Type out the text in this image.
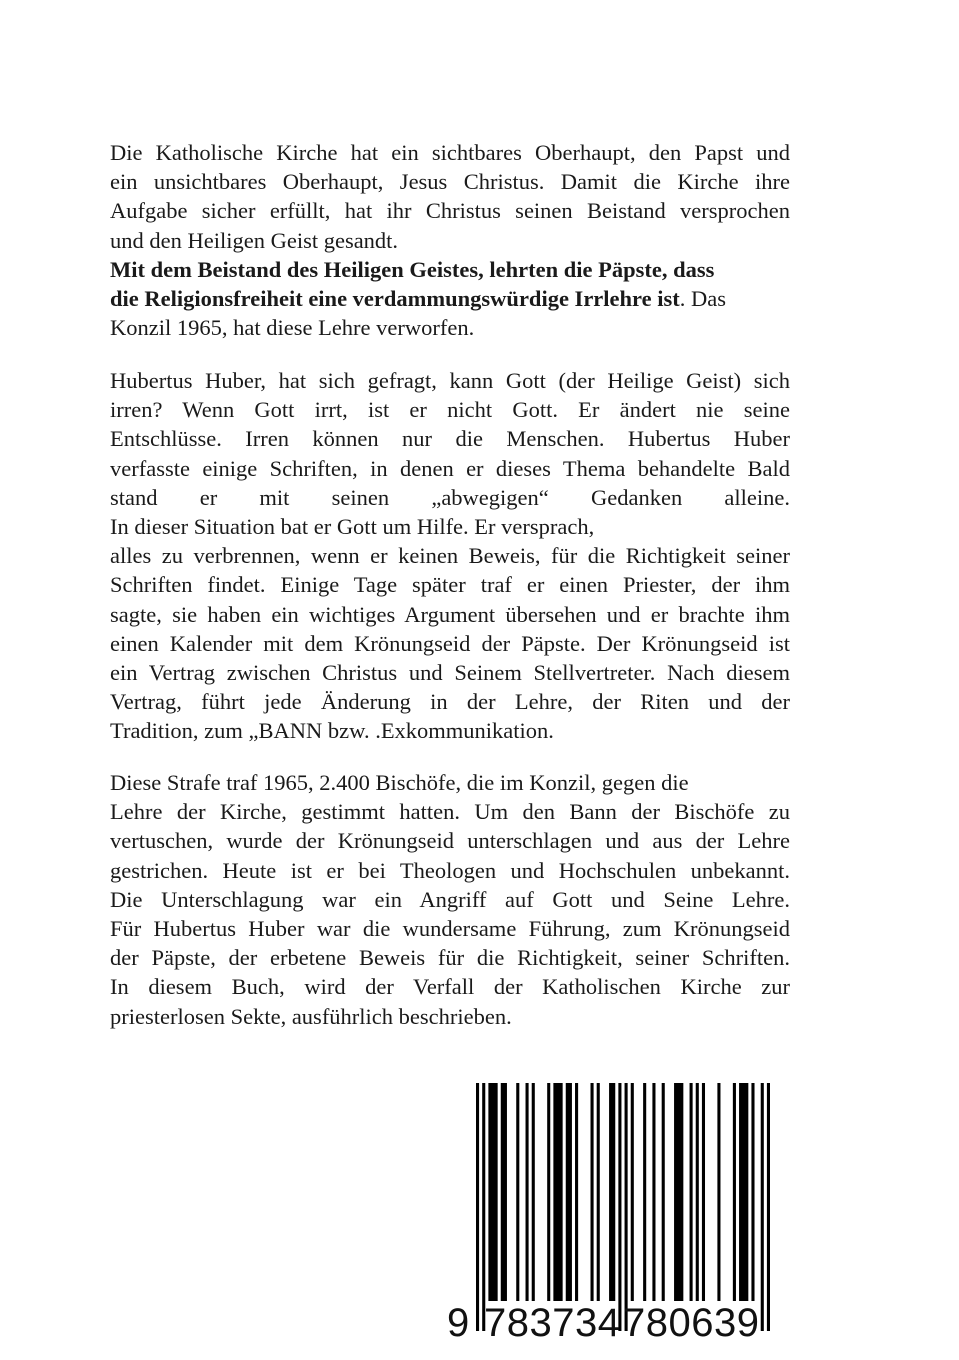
Die Katholische Kirche hat ein sichtbares Oberhaupt, den Papst und
ein unsichtbares Oberhaupt, Jesus Christus. Damit die Kirche ihre
Aufgabe sicher erfüllt, hat ihr Christus seinen Beistand versprochen
und den Heiligen Geist gesandt.
Mit dem Beistand des Heiligen Geistes, lehrten die Päpste, dass
die Religionsfreiheit eine verdammungswürdige Irrlehre ist. Das
Konzil 1965, hat diese Lehre verworfen.
Hubertus Huber, hat sich gefragt, kann Gott (der Heilige Geist) sich
irren? Wenn Gott irrt, ist er nicht Gott. Er ändert nie seine
Entschlüsse. Irren können nur die Menschen. Hubertus Huber
verfasste einige Schriften, in denen er dieses Thema behandelte Bald
stand er mit seinen „abwegigen“ Gedanken alleine.
In dieser Situation bat er Gott um Hilfe. Er versprach,
alles zu verbrennen, wenn er keinen Beweis, für die Richtigkeit seiner
Schriften findet. Einige Tage später traf er einen Priester, der ihm
sagte, sie haben ein wichtiges Argument übersehen und er brachte ihm
einen Kalender mit dem Krönungseid der Päpste. Der Krönungseid ist
ein Vertrag zwischen Christus und Seinem Stellvertreter. Nach diesem
Vertrag, führt jede Änderung in der Lehre, der Riten und der
Tradition, zum „BANN bzw. .Exkommunikation.
Diese Strafe traf 1965, 2.400 Bischöfe, die im Konzil, gegen die
Lehre der Kirche, gestimmt hatten. Um den Bann der Bischöfe zu
vertuschen, wurde der Krönungseid unterschlagen und aus der Lehre
gestrichen. Heute ist er bei Theologen und Hochschulen unbekannt.
Die Unterschlagung war ein Angriff auf Gott und Seine Lehre.
Für Hubertus Huber war die wundersame Führung, zum Krönungseid
der Päpste, der erbetene Beweis für die Richtigkeit, seiner Schriften.
In diesem Buch, wird der Verfall der Katholischen Kirche zur
priesterlosen Sekte, ausführlich beschrieben.
9 783734 780639
